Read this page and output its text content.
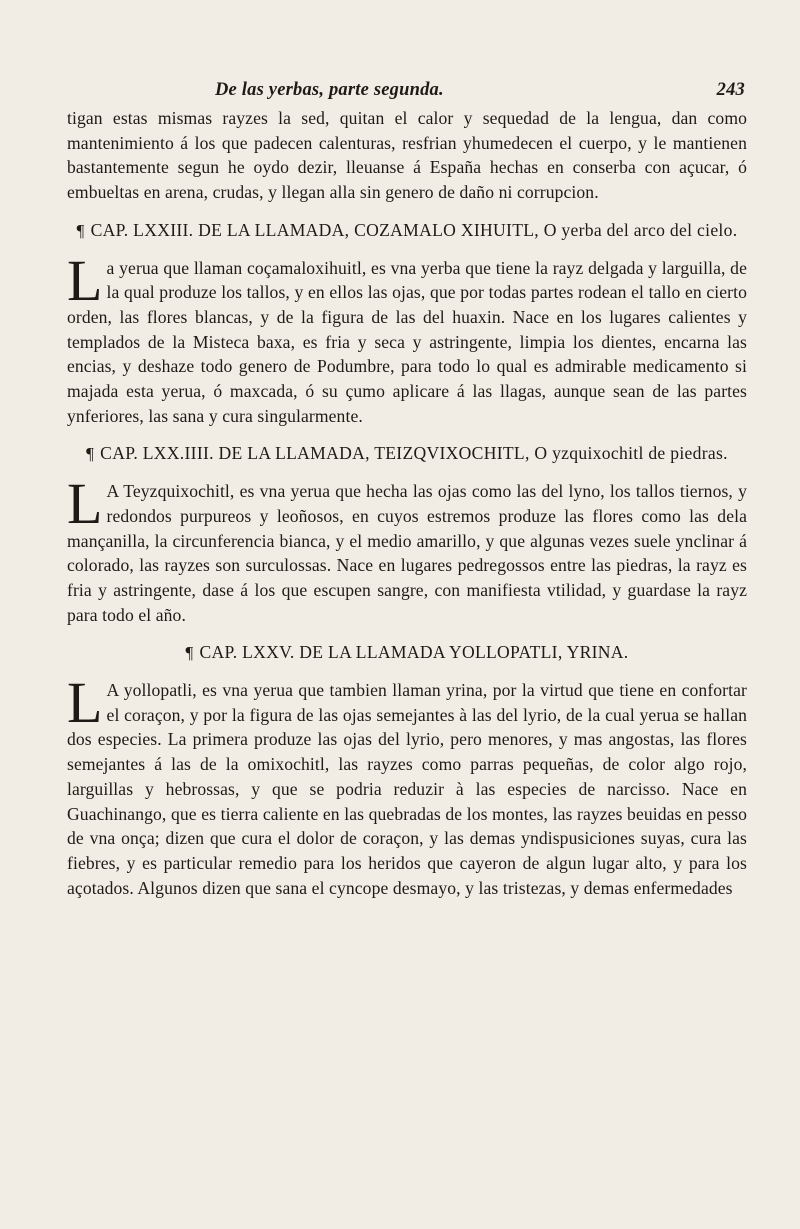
De las yerbas, parte segunda.	243

tigan estas mismas rayzes la sed, quitan el calor y sequedad de la lengua, dan como mantenimiento á los que padecen calenturas, resfrian yhumedecen el cuerpo, y le mantienen bastantemente segun he oydo dezir, lleuanse á España hechas en conserba con açucar, ó embueltas en arena, crudas, y llegan alla sin genero de daño ni corrupcion.

¶ CAP. LXXIII. DE LA LLAMADA, COZAMALO XIHUITL, O yerba del arco del cielo.

La yerua que llaman coçamaloxihuitl, es vna yerba que tiene la rayz delgada y larguilla, de la qual produze los tallos, y en ellos las ojas, que por todas partes rodean el tallo en cierto orden, las flores blancas, y de la figura de las del huaxin. Nace en los lugares calientes y templados de la Misteca baxa, es fria y seca y astringente, limpia los dientes, encarna las encias, y deshaze todo genero de Podumbre, para todo lo qual es admirable medicamento si majada esta yerua, ó maxcada, ó su çumo aplicare á las llagas, aunque sean de las partes ynferiores, las sana y cura singularmente.

¶ CAP. LXX.IIII. DE LA LLAMADA, TEIZQVIXOCHITL, O yzquixochitl de piedras.

L A Teyzquixochitl, es vna yerua que hecha las ojas como las del lyno, los tallos tiernos, y redondos purpureos y leoñosos, en cuyos estremos produze las flores como las dela mançanilla, la circunferencia bianca, y el medio amarillo, y que algunas vezes suele ynclinar á colorado, las rayzes son surculossas. Nace en lugares pedregossos entre las piedras, la rayz es fria y astringente, dase á los que escupen sangre, con manifiesta vtilidad, y guardase la rayz para todo el año.

¶ CAP. LXXV. DE LA LLAMADA YOLLOPATLI, YRINA.

L A yollopatli, es vna yerua que tambien llaman yrina, por la virtud que tiene en confortar el coraçon, y por la figura de las ojas semejantes à las del lyrio, de la cual yerua se hallan dos especies. La primera produze las ojas del lyrio, pero menores, y mas angostas, las flores semejantes á las de la omixochitl, las rayzes como parras pequeñas, de color algo rojo, larguillas y hebrossas, y que se podria reduzir à las especies de narcisso. Nace en Guachinango, que es tierra caliente en las quebradas de los montes, las rayzes beuidas en pesso de vna onça; dizen que cura el dolor de coraçon, y las demas yndispusiciones suyas, cura las fiebres, y es particular remedio para los heridos que cayeron de algun lugar alto, y para los açotados. Algunos dizen que sana el cyncope desmayo, y las tristezas, y demas enfermedades
